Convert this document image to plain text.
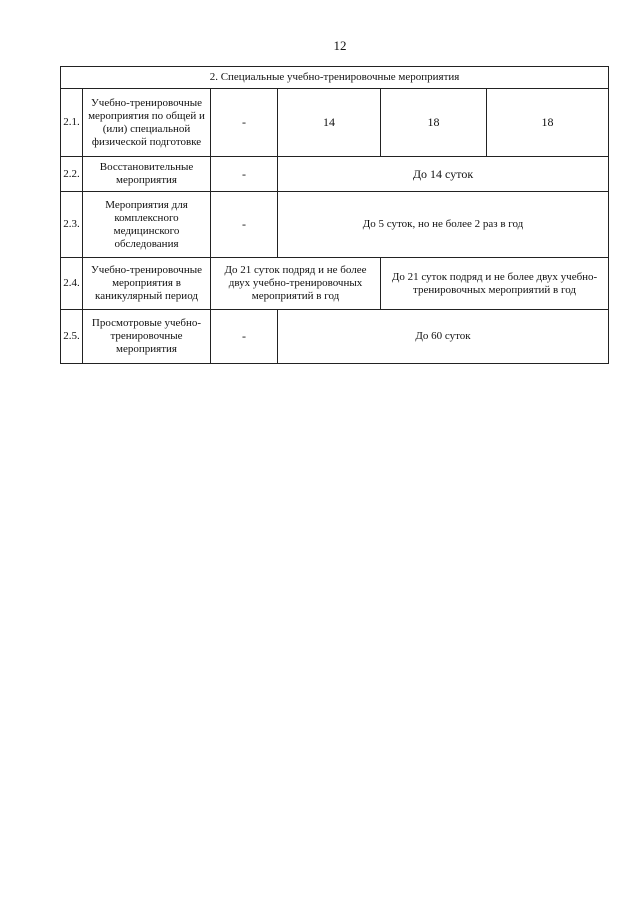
12
2. Специальные учебно-тренировочные мероприятия					
2.1.	Учебно-тренировочные мероприятия по общей и (или) специальной физической подготовке	-	14	18	18
2.2.	Восстановительные мероприятия	-	До 14 суток		
2.3.	Мероприятия для комплексного медицинского обследования	-	До 5 суток, но не более 2 раз в год		
2.4.	Учебно-тренировочные мероприятия в каникулярный период	До 21 суток подряд и не более двух учебно-тренировочных мероприятий в год		До 21 суток подряд и не более двух учебно-тренировочных мероприятий в год	
2.5.	Просмотровые учебно-тренировочные мероприятия	-	До 60 суток		
